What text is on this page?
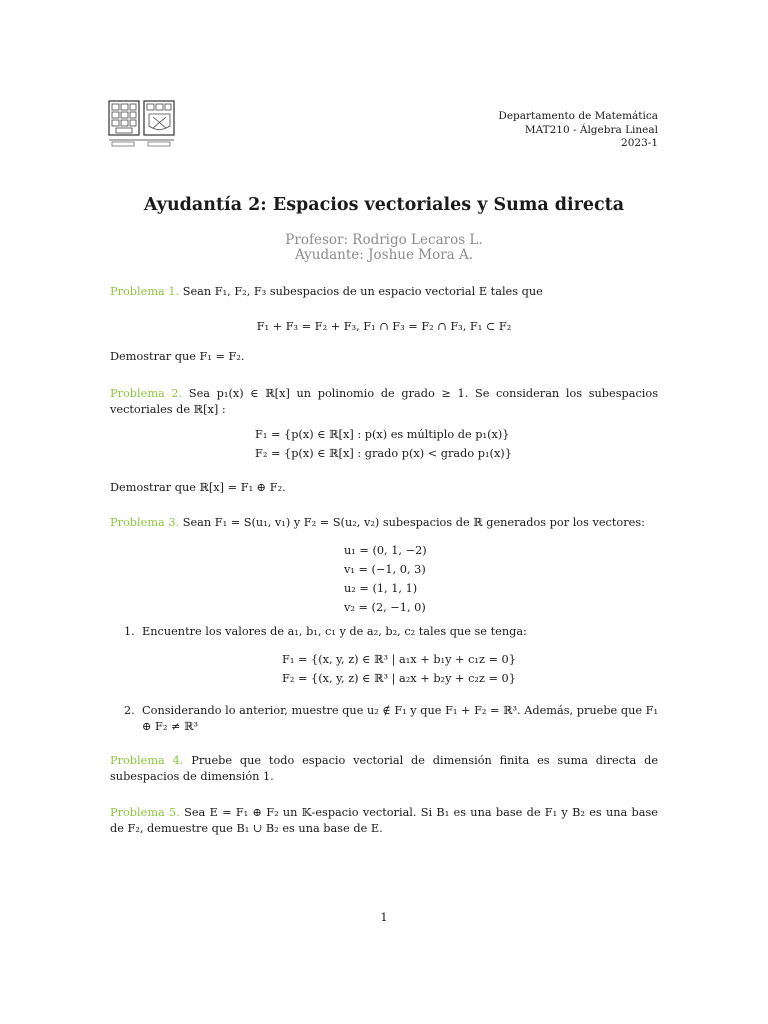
Departamento de Matemática
MAT210 - Álgebra Lineal
2023-1
Ayudantía 2: Espacios vectoriales y Suma directa
Profesor: Rodrigo Lecaros L.
Ayudante: Joshue Mora A.
Problema 1. Sean F₁, F₂, F₃ subespacios de un espacio vectorial E tales que
F₁ + F₃ = F₂ + F₃, F₁ ∩ F₃ = F₂ ∩ F₃, F₁ ⊂ F₂
Demostrar que F₁ = F₂.
Problema 2. Sea p₁(x) ∈ ℝ[x] un polinomio de grado ≥ 1. Se consideran los subespacios vectoriales de ℝ[x] :
F₁ = {p(x) ∈ ℝ[x] : p(x) es múltiplo de p₁(x)}
F₂ = {p(x) ∈ ℝ[x] : grado p(x) < grado p₁(x)}
Demostrar que ℝ[x] = F₁ ⊕ F₂.
Problema 3. Sean F₁ = S(u₁, v₁) y F₂ = S(u₂, v₂) subespacios de ℝ generados por los vectores:
u₁ = (0, 1, −2)
v₁ = (−1, 0, 3)
u₂ = (1, 1, 1)
v₂ = (2, −1, 0)
1. Encuentre los valores de a₁, b₁, c₁ y de a₂, b₂, c₂ tales que se tenga:
F₁ = {(x, y, z) ∈ ℝ³ | a₁x + b₁y + c₁z = 0}
F₂ = {(x, y, z) ∈ ℝ³ | a₂x + b₂y + c₂z = 0}
2. Considerando lo anterior, muestre que u₂ ∉ F₁ y que F₁ + F₂ = ℝ³. Además, pruebe que F₁ ⊕ F₂ ≠ ℝ³
Problema 4. Pruebe que todo espacio vectorial de dimensión finita es suma directa de subespacios de dimensión 1.
Problema 5. Sea E = F₁ ⊕ F₂ un 𝕂-espacio vectorial. Si B₁ es una base de F₁ y B₂ es una base de F₂, demuestre que B₁ ∪ B₂ es una base de E.
1
